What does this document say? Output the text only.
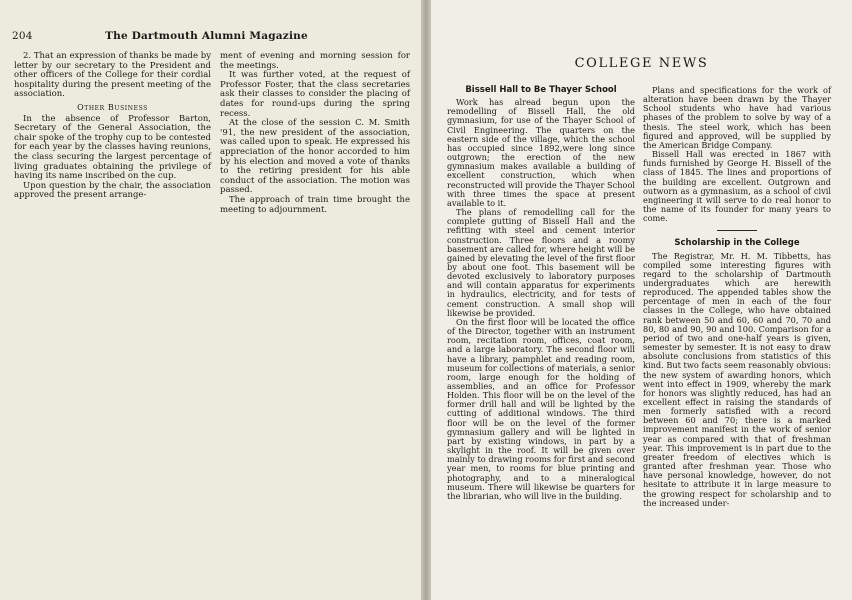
204	The Dartmouth Alumni Magazine

2. That an expression of thanks be made by letter by our secretary to the President and other officers of the College for their cordial hospitality during the present meeting of the association.

Other Business

In the absence of Professor Barton, Secretary of the General Association, the chair spoke of the trophy cup to be contested for each year by the classes having reunions, the class securing the largest percentage of living graduates obtaining the privilege of having its name inscribed on the cup.

Upon question by the chair, the association approved the present arrange-

ment of evening and morning session for the meetings.

It was further voted, at the request of Professor Foster, that the class secretaries ask their classes to consider the placing of dates for round-ups during the spring recess.

At the close of the session C. M. Smith '91, the new president of the association, was called upon to speak. He expressed his appreciation of the honor accorded to him by his election and moved a vote of thanks to the retiring president for his able conduct of the association. The motion was passed.

The approach of train time brought the meeting to adjournment.

COLLEGE NEWS
Bissell Hall to Be Thayer School

Work has alread begun upon the remodelling of Bissell Hall, the old gymnasium, for use of the Thayer School of Civil Engineering. The quarters on the eastern side of the village, which the school has occupied since 1892,were long since outgrown; the erection of the new gymnasium makes available a building of excellent construction, which when reconstructed will provide the Thayer School with three times the space at present available to it.

The plans of remodelling call for the complete gutting of Bissell Hall and the refitting with steel and cement interior construction. Three floors and a roomy basement are called for, where height will be gained by elevating the level of the first floor by about one foot. This basement will be devoted exclusively to laboratory purposes and will contain apparatus for experiments in hydraulics, electricity, and for tests of cement construction. A small shop will likewise be provided.

On the first floor will be located the office of the Director, together with an instrument room, recitation room, offices, coat room, and a large laboratory. The second floor will have a library, pamphlet and reading room, museum for collections of materials, a senior room, large enough for the holding of assemblies, and an office for Professor Holden. This floor will be on the level of the former drill hall and will be lighted by the cutting of additional windows. The third floor will be on the level of the former gymnasium gallery and will be lighted in part by existing windows, in part by a skylight in the roof. It will be given over mainly to drawing rooms for first and second year men, to rooms for blue printing and photography, and to a mineralogical museum. There will likewise be quarters for the librarian, who will live in the building.

Plans and specifications for the work of alteration have been drawn by the Thayer School students who have had various phases of the problem to solve by way of a thesis. The steel work, which has been figured and approved, will be supplied by the American Bridge Company.

Bissell Hall was erected in 1867 with funds furnished by George H. Bissell of the class of 1845. The lines and proportions of the building are excellent. Outgrown and outworn as a gymnasium, as a school of civil engineering it will serve to do real honor to the name of its founder for many years to come.

Scholarship in the College

The Registrar, Mr. H. M. Tibbetts, has compiled some interesting figures with regard to the scholarship of Dartmouth undergraduates which are herewith reproduced. The appended tables show the percentage of men in each of the four classes in the College, who have obtained rank between 50 and 60, 60 and 70, 70 and 80, 80 and 90, 90 and 100. Comparison for a period of two and one-half years is given, semester by semester. It is not easy to draw absolute conclusions from statistics of this kind. But two facts seem reasonably obvious: the new system of awarding honors, which went into effect in 1909, whereby the mark for honors was slightly reduced, has had an excellent effect in raising the standards of men formerly satisfied with a record between 60 and 70; there is a marked improvement manifest in the work of senior year as compared with that of freshman year. This improvement is in part due to the greater freedom of electives which is granted after freshman year. Those who have personal knowledge, however, do not hesitate to attribute it in large measure to the growing respect for scholarship and to the increased under-
